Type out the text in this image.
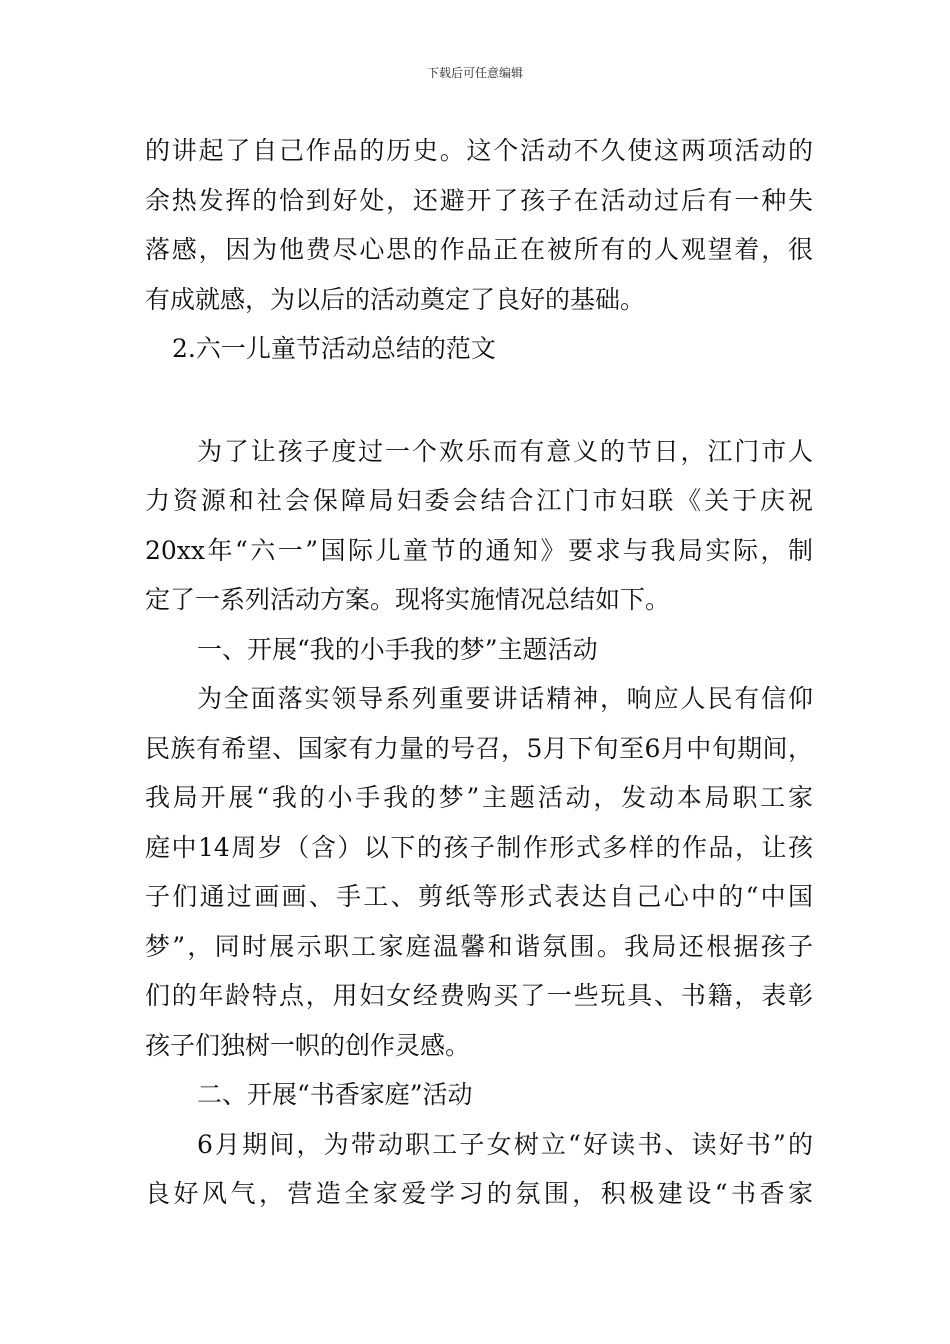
下载后可任意编辑
的讲起了自己作品的历史。这个活动不久使这两项活动的
余热发挥的恰到好处，还避开了孩子在活动过后有一种失
落感，因为他费尽心思的作品正在被所有的人观望着，很
有成就感，为以后的活动奠定了良好的基础。
2.六一儿童节活动总结的范文
为了让孩子度过一个欢乐而有意义的节日，江门市人
力资源和社会保障局妇委会结合江门市妇联《关于庆祝
20xx年“六一”国际儿童节的通知》要求与我局实际，制
定了一系列活动方案。现将实施情况总结如下。
一、开展“我的小手我的梦”主题活动
为全面落实领导系列重要讲话精神，响应人民有信仰
民族有希望、国家有力量的号召，5月下旬至6月中旬期间，
我局开展“我的小手我的梦”主题活动，发动本局职工家
庭中14周岁（含）以下的孩子制作形式多样的作品，让孩
子们通过画画、手工、剪纸等形式表达自己心中的“中国
梦”，同时展示职工家庭温馨和谐氛围。我局还根据孩子
们的年龄特点，用妇女经费购买了一些玩具、书籍，表彰
孩子们独树一帜的创作灵感。
二、开展“书香家庭”活动
6月期间，为带动职工子女树立“好读书、读好书”的
良好风气，营造全家爱学习的氛围，积极建设“书香家
